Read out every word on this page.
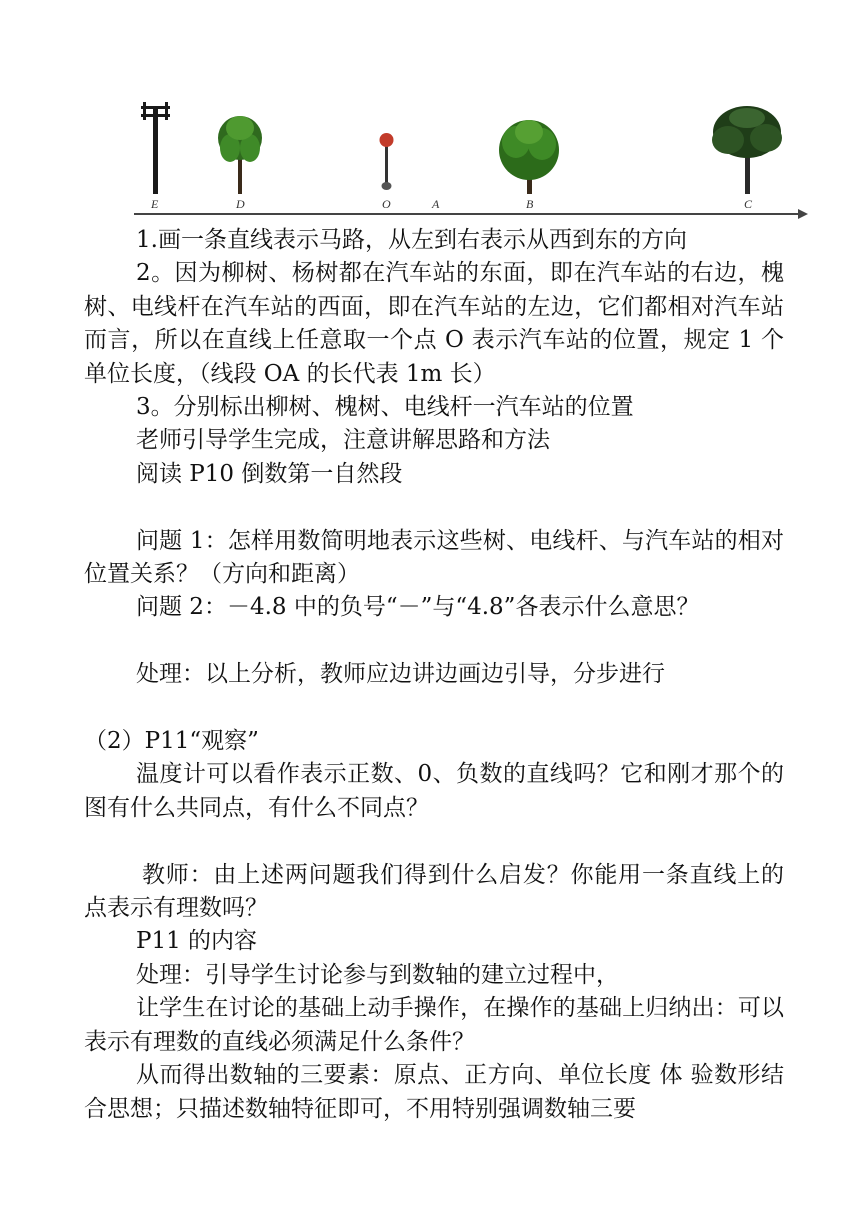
E	D	O	A	B	C

1.画一条直线表示马路，从左到右表示从西到东的方向

2。因为柳树、杨树都在汽车站的东面，即在汽车站的右边，槐树、电线杆在汽车站的西面，即在汽车站的左边，它们都相对汽车站而言，所以在直线上任意取一个点 O 表示汽车站的位置，规定 1 个单位长度，（线段 OA 的长代表 1m 长）

3。分别标出柳树、槐树、电线杆一汽车站的位置

老师引导学生完成，注意讲解思路和方法

阅读 P10 倒数第一自然段

问题 1：怎样用数简明地表示这些树、电线杆、与汽车站的相对位置关系？（方向和距离）

问题 2：－4.8 中的负号“－”与“4.8”各表示什么意思？

处理：以上分析，教师应边讲边画边引导，分步进行

（2）P11“观察”

温度计可以看作表示正数、0、负数的直线吗？它和刚才那个的图有什么共同点，有什么不同点？

教师：由上述两问题我们得到什么启发？你能用一条直线上的点表示有理数吗？

P11 的内容

处理：引导学生讨论参与到数轴的建立过程中，

让学生在讨论的基础上动手操作，在操作的基础上归纳出：可以表示有理数的直线必须满足什么条件？

从而得出数轴的三要素：原点、正方向、单位长度 体 验数形结合思想；只描述数轴特征即可，不用特别强调数轴三要
